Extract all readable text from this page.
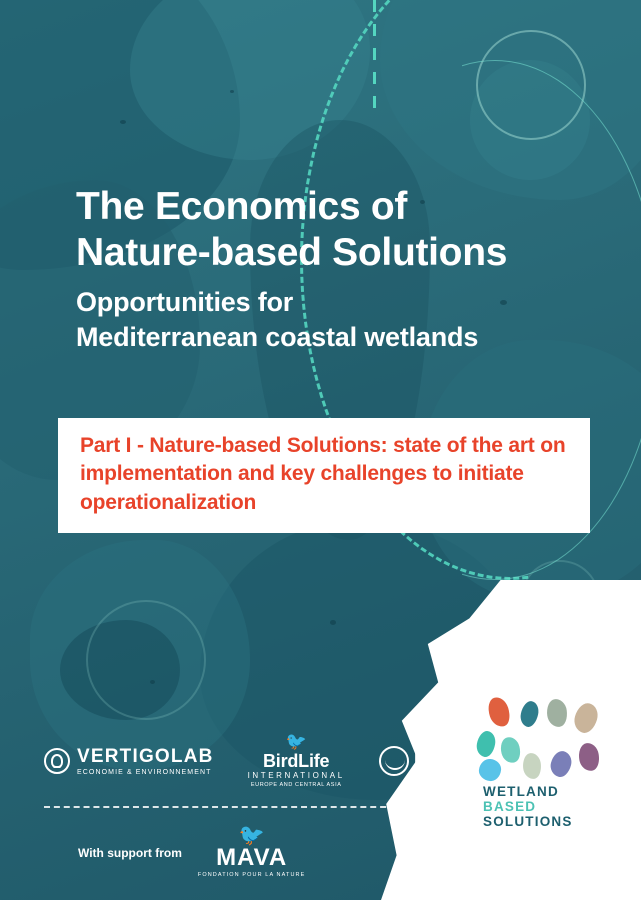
The Economics of
Nature-based Solutions
Opportunities for
Mediterranean coastal wetlands

Part I - Nature-based Solutions: state of the art on implementation and key challenges to initiate operationalization

VERTIGOLAB
ECONOMIE & ENVIRONNEMENT
🐦
BirdLife
INTERNATIONAL
EUROPE AND CENTRAL ASIA
IUCN
With support from
🐦
MAVA
FONDATION POUR LA NATURE
WETLAND
BASED
SOLUTIONS
